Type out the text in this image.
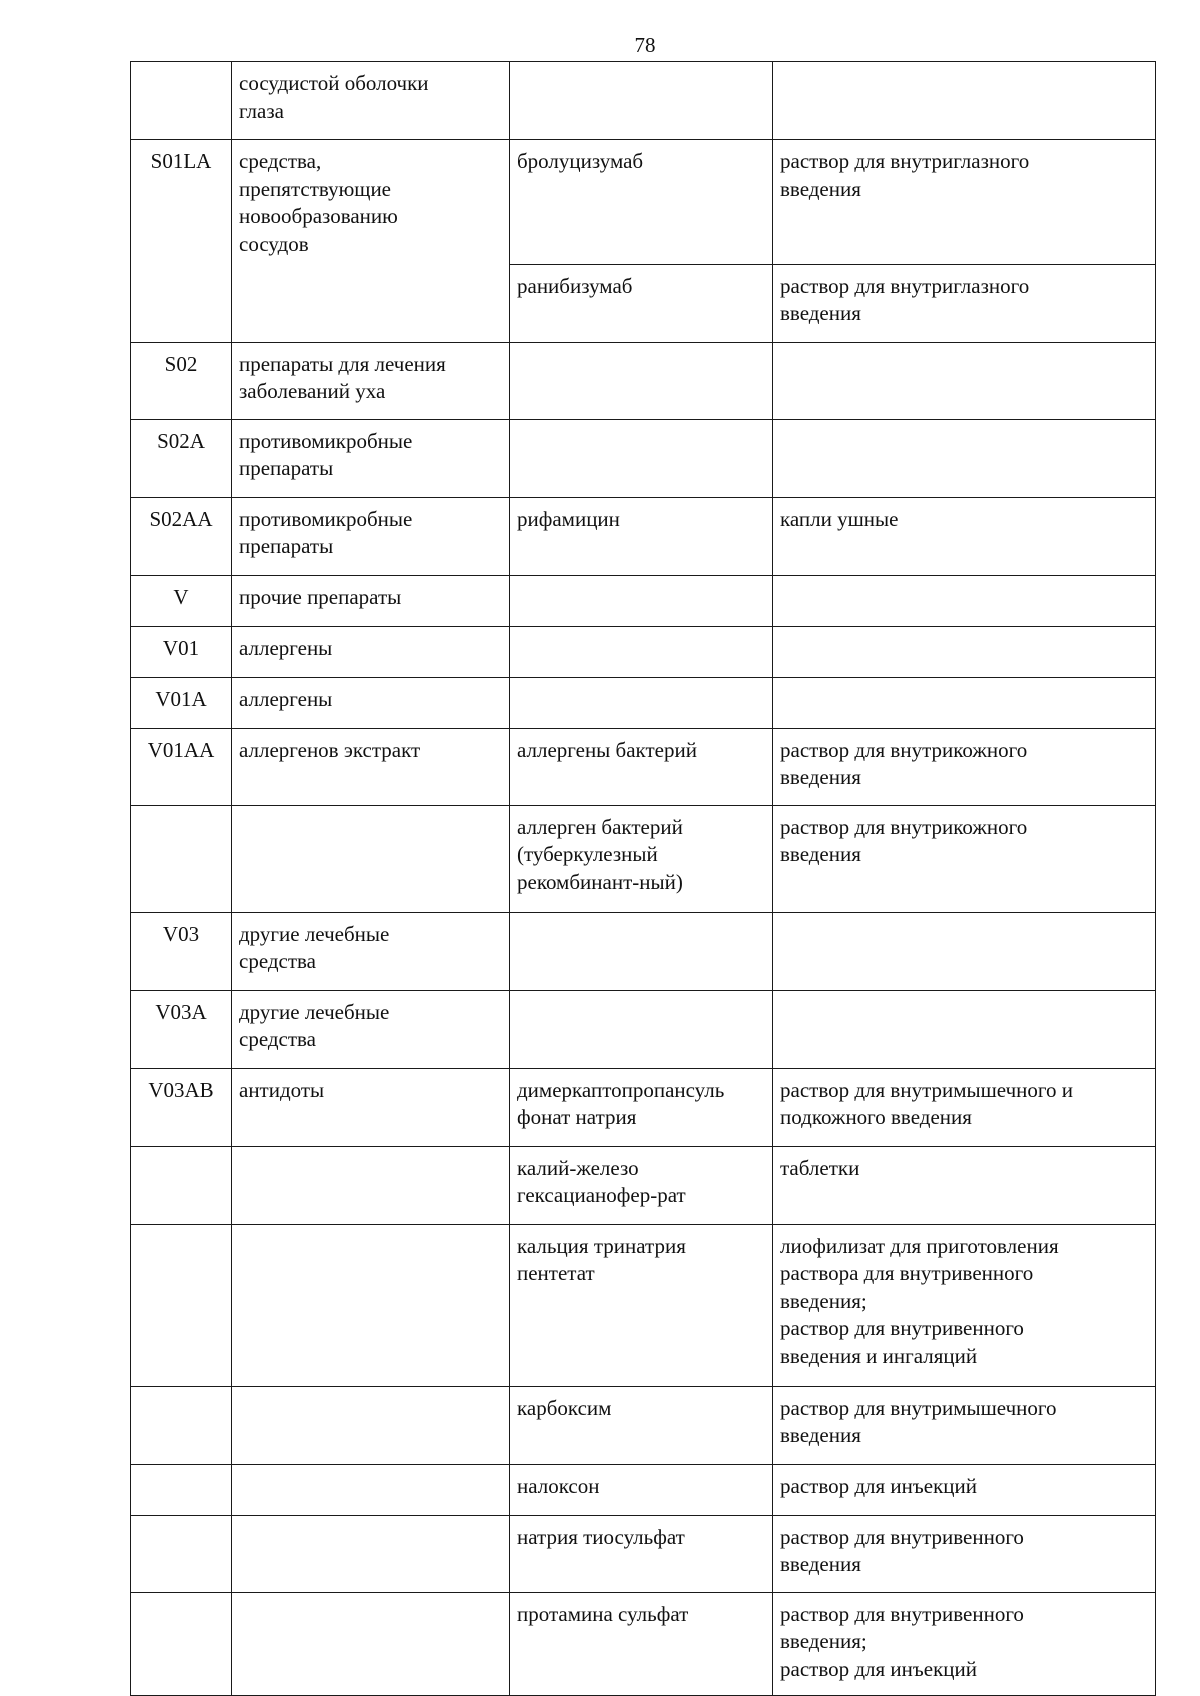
78
	сосудистой оболочки
глаза		
S01LA	средства,
препятствующие
новообразованию
сосудов	бролуцизумаб	раствор для внутриглазного
введения
		ранибизумаб	раствор для внутриглазного
введения
S02	препараты для лечения
заболеваний уха		
S02A	противомикробные
препараты		
S02AA	противомикробные
препараты	рифамицин	капли ушные
V	прочие препараты		
V01	аллергены		
V01A	аллергены		
V01AA	аллергенов экстракт	аллергены бактерий	раствор для внутрикожного
введения
		аллерген бактерий
(туберкулезный
рекомбинант-ный)	раствор для внутрикожного
введения
V03	другие лечебные
средства		
V03A	другие лечебные
средства		
V03AB	антидоты	димеркаптопропансуль
фонат натрия	раствор для внутримышечного и
подкожного введения
		калий-железо
гексацианофер-рат	таблетки
		кальция тринатрия
пентетат	лиофилизат для приготовления
раствора для внутривенного
введения;
раствор для внутривенного
введения и ингаляций
		карбоксим	раствор для внутримышечного
введения
		налоксон	раствор для инъекций
		натрия тиосульфат	раствор для внутривенного
введения
		протамина сульфат	раствор для внутривенного
введения;
раствор для инъекций
